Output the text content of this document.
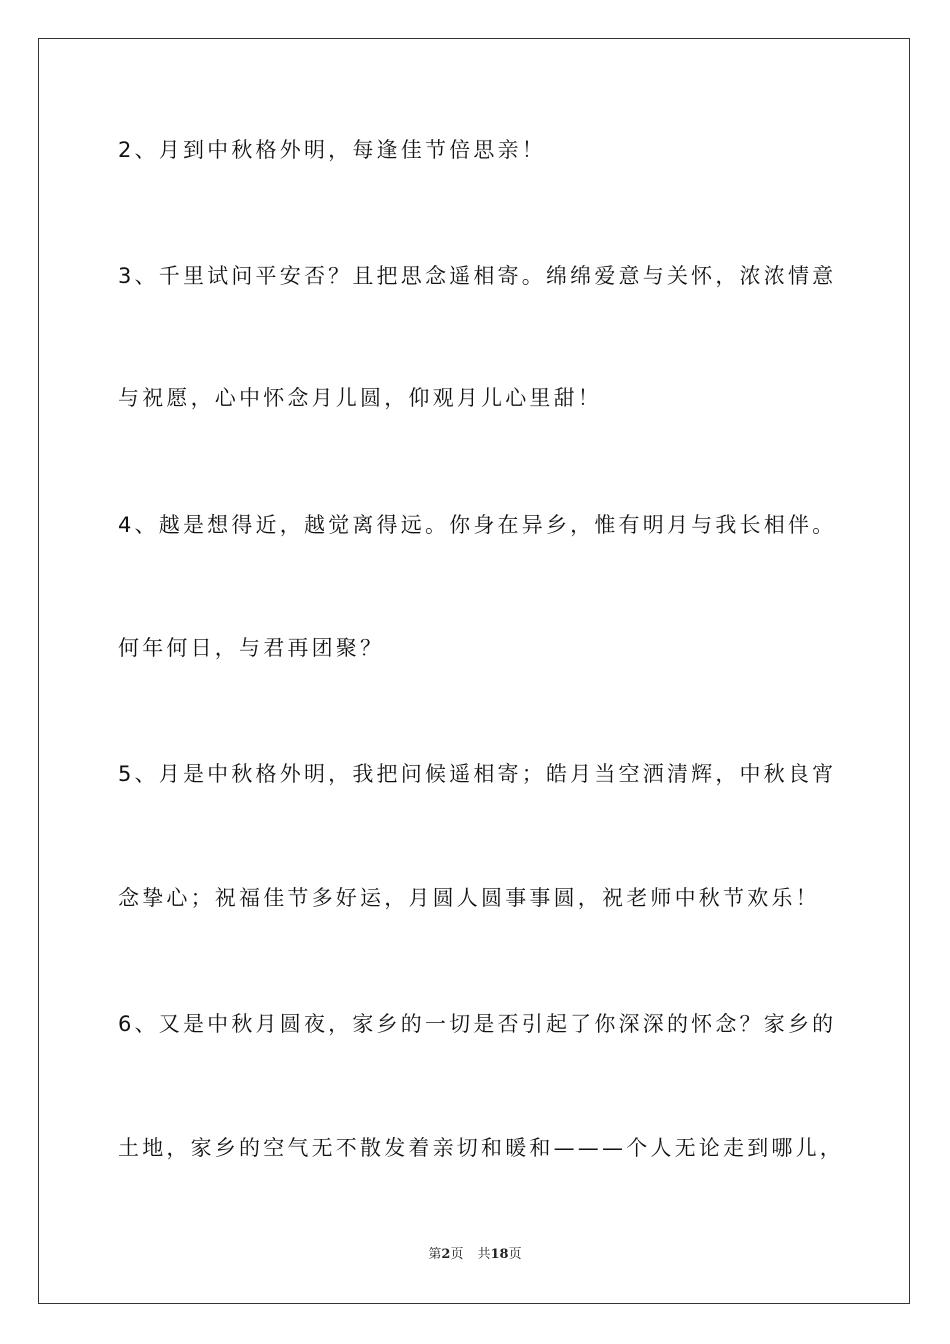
2、月到中秋格外明，每逢佳节倍思亲！

3、千里试问平安否？且把思念遥相寄。绵绵爱意与关怀，浓浓情意

与祝愿，心中怀念月儿圆，仰观月儿心里甜！

4、越是想得近，越觉离得远。你身在异乡，惟有明月与我长相伴。

何年何日，与君再团聚？

5、月是中秋格外明，我把问候遥相寄；皓月当空洒清辉，中秋良宵

念挚心；祝福佳节多好运，月圆人圆事事圆，祝老师中秋节欢乐！

6、又是中秋月圆夜，家乡的一切是否引起了你深深的怀念？家乡的

土地，家乡的空气无不散发着亲切和暖和———个人无论走到哪儿，

第2页 共18页
